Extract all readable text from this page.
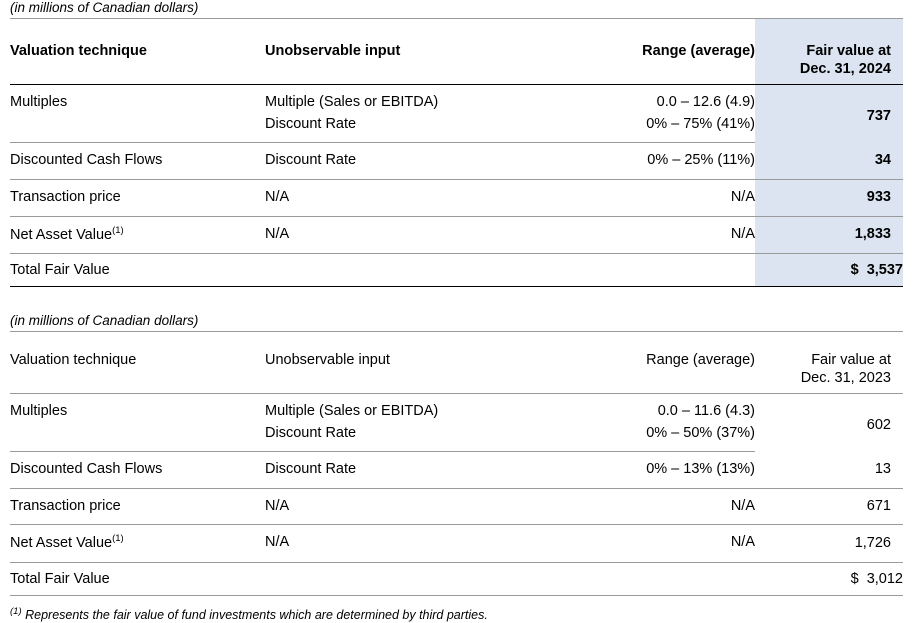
(in millions of Canadian dollars)

Valuation technique	Unobservable input	Range (average)	Fair value at
Dec. 31, 2024

Multiples	Multiple (Sales or EBITDA)	0.0 – 12.6 (4.9)	737
	Discount Rate	0% – 75% (41%)	
Discounted Cash Flows	Discount Rate	0% – 25% (11%)	34
Transaction price	N/A	N/A	933
Net Asset Value$^{(1)}$	N/A	N/A	1,833
Total Fair Value			$ 3,537
(in millions of Canadian dollars)

Valuation technique	Unobservable input	Range (average)	Fair value at
Dec. 31, 2023

Multiples	Multiple (Sales or EBITDA)	0.0 – 11.6 (4.3)	602
	Discount Rate	0% – 50% (37%)	
Discounted Cash Flows	Discount Rate	0% – 13% (13%)	13
Transaction price	N/A	N/A	671
Net Asset Value$^{(1)}$	N/A	N/A	1,726
Total Fair Value			$ 3,012
$^{(1)}$ Represents the fair value of fund investments which are determined by third parties.
